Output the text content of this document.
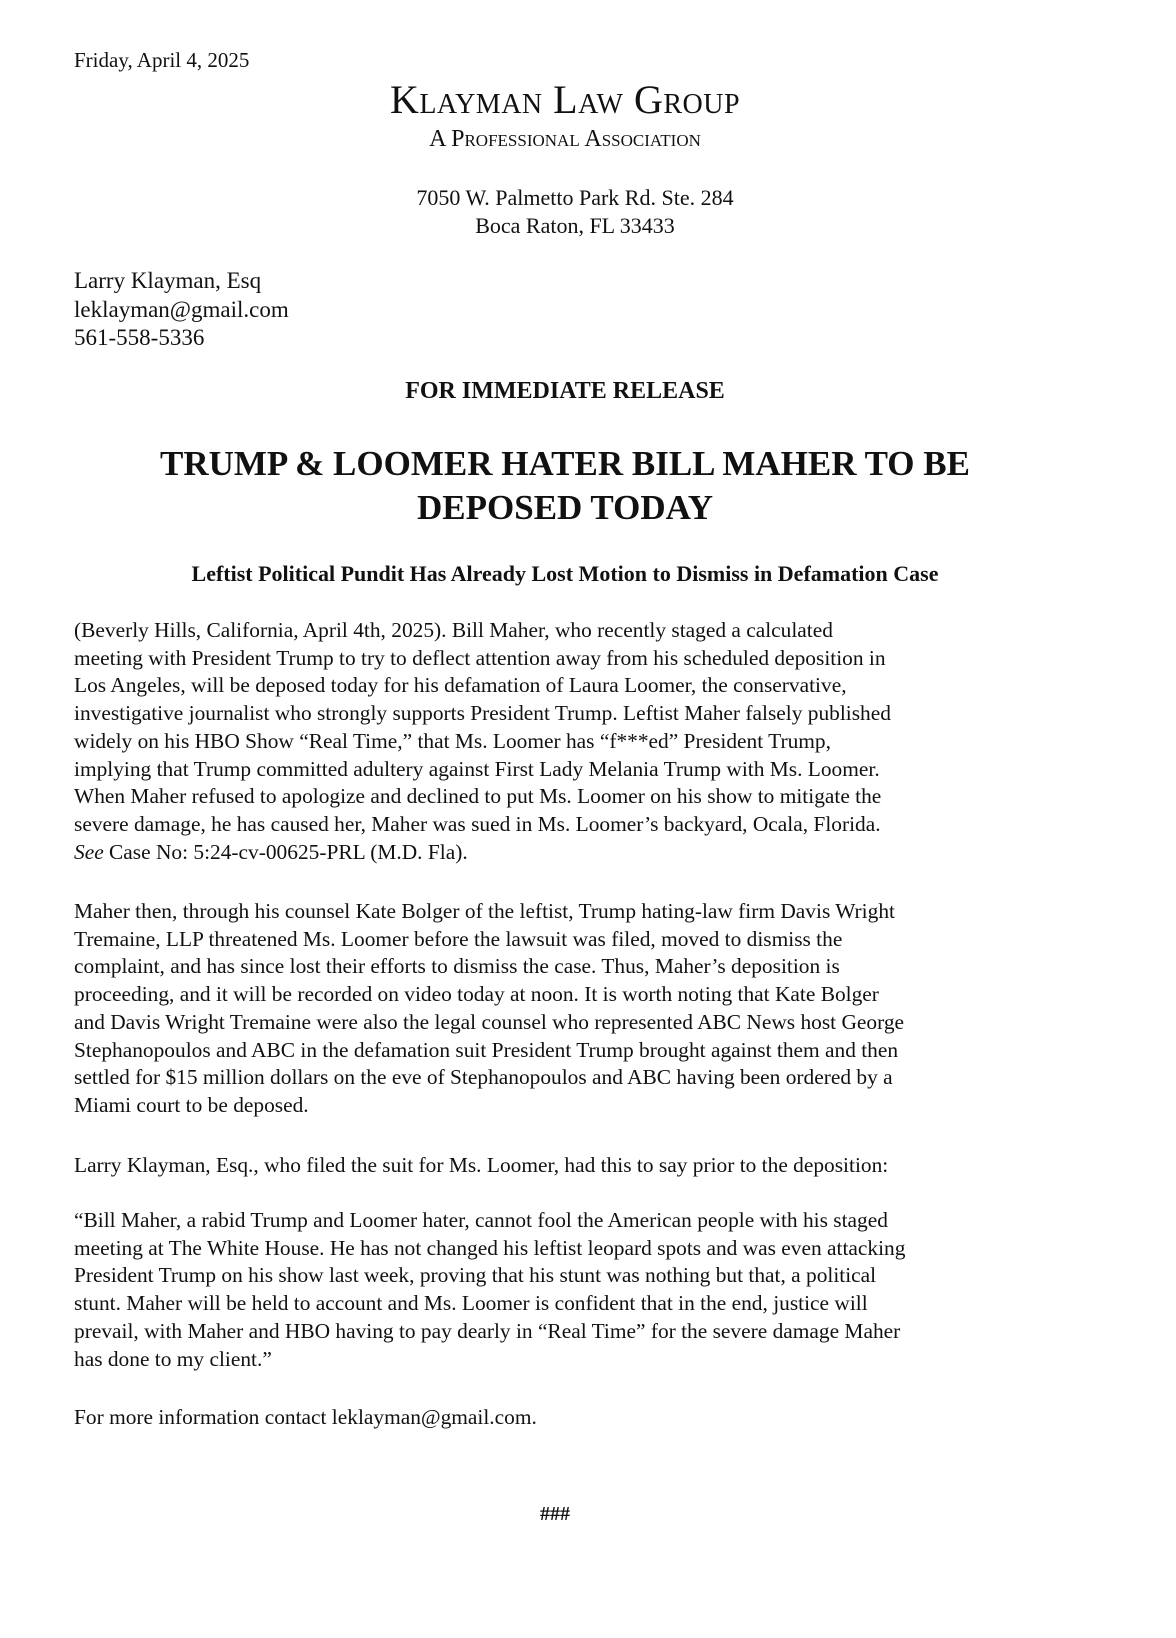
Friday, April 4, 2025
Klayman Law Group
A Professional Association
7050 W. Palmetto Park Rd. Ste. 284
Boca Raton, FL 33433
Larry Klayman, Esq
leklayman@gmail.com
561-558-5336
FOR IMMEDIATE RELEASE
TRUMP & LOOMER HATER BILL MAHER TO BE
DEPOSED TODAY
Leftist Political Pundit Has Already Lost Motion to Dismiss in Defamation Case
(Beverly Hills, California, April 4th, 2025). Bill Maher, who recently staged a calculated
meeting with President Trump to try to deflect attention away from his scheduled deposition in
Los Angeles, will be deposed today for his defamation of Laura Loomer, the conservative,
investigative journalist who strongly supports President Trump. Leftist Maher falsely published
widely on his HBO Show “Real Time,” that Ms. Loomer has “f***ed” President Trump,
implying that Trump committed adultery against First Lady Melania Trump with Ms. Loomer.
When Maher refused to apologize and declined to put Ms. Loomer on his show to mitigate the
severe damage, he has caused her, Maher was sued in Ms. Loomer’s backyard, Ocala, Florida.
See Case No: 5:24-cv-00625-PRL (M.D. Fla).
Maher then, through his counsel Kate Bolger of the leftist, Trump hating-law firm Davis Wright
Tremaine, LLP threatened Ms. Loomer before the lawsuit was filed, moved to dismiss the
complaint, and has since lost their efforts to dismiss the case. Thus, Maher’s deposition is
proceeding, and it will be recorded on video today at noon. It is worth noting that Kate Bolger
and Davis Wright Tremaine were also the legal counsel who represented ABC News host George
Stephanopoulos and ABC in the defamation suit President Trump brought against them and then
settled for $15 million dollars on the eve of Stephanopoulos and ABC having been ordered by a
Miami court to be deposed.
Larry Klayman, Esq., who filed the suit for Ms. Loomer, had this to say prior to the deposition:
“Bill Maher, a rabid Trump and Loomer hater, cannot fool the American people with his staged
meeting at The White House. He has not changed his leftist leopard spots and was even attacking
President Trump on his show last week, proving that his stunt was nothing but that, a political
stunt. Maher will be held to account and Ms. Loomer is confident that in the end, justice will
prevail, with Maher and HBO having to pay dearly in “Real Time” for the severe damage Maher
has done to my client.”
For more information contact leklayman@gmail.com.
###
